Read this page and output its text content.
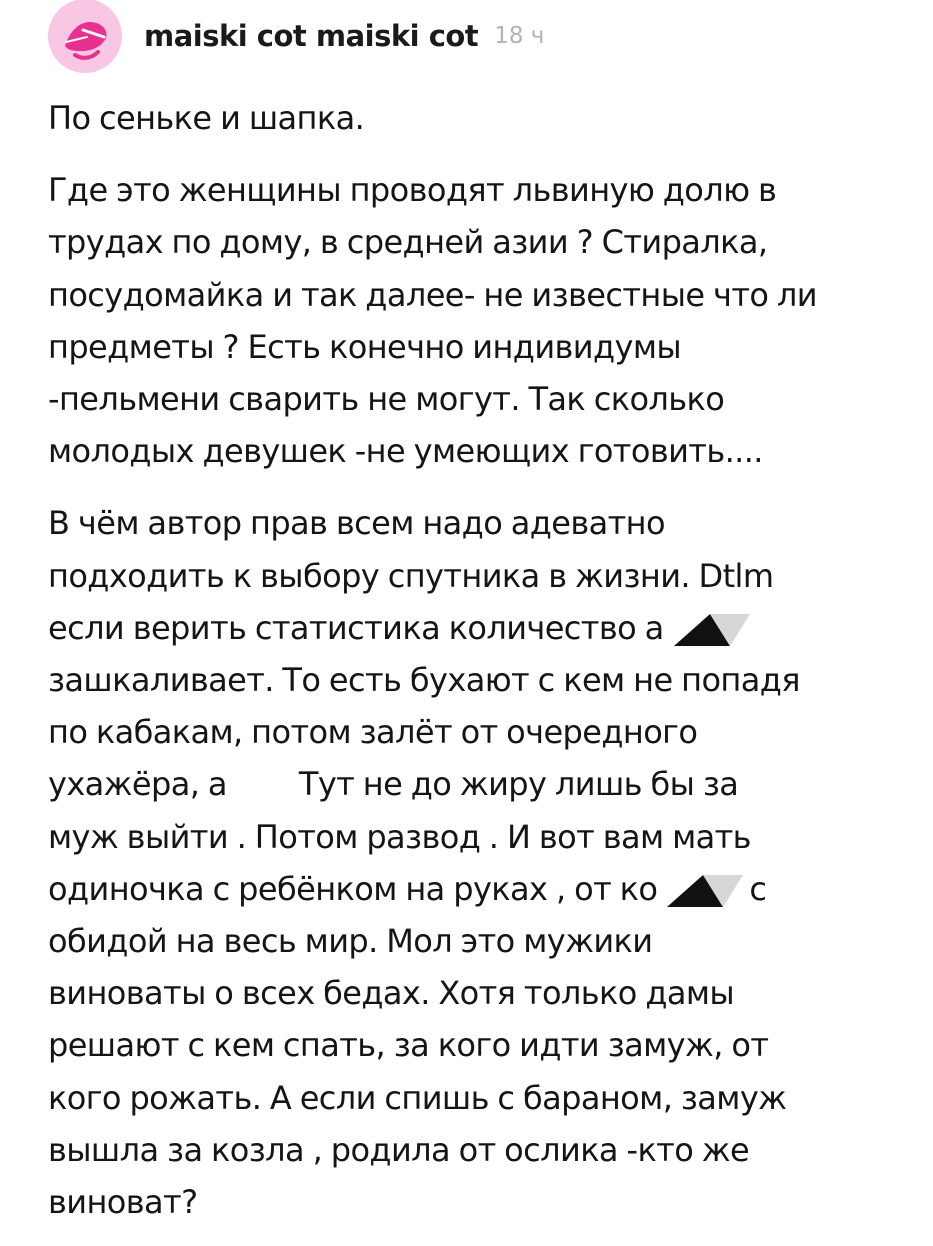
maiski cot maiski cot 18 ч

По сеньке и шапка.

Где это женщины проводят львиную долю в
трудах по дому, в средней азии ? Стиралка,
посудомайка и так далее- не известные что ли
предметы ? Есть конечно индивидумы
-пельмени сварить не могут. Так сколько
молодых девушек -не умеющих готовить....

В чём автор прав всем надо адеватно
подходить к выбору спутника в жизни. Dtlm
если верить статистика количество а
зашкаливает. То есть бухают с кем не попадя
по кабакам, потом залёт от очередного
ухажёра, а Тут не до жиру лишь бы за
муж выйти . Потом развод . И вот вам мать
одиночка с ребёнком на руках , от ко	с
обидой на весь мир. Мол это мужики
виноваты о всех бедах. Хотя только дамы
решают с кем спать, за кого идти замуж, от
кого рожать. А если спишь с бараном, замуж
вышла за козла , родила от ослика -кто же
виноват?
